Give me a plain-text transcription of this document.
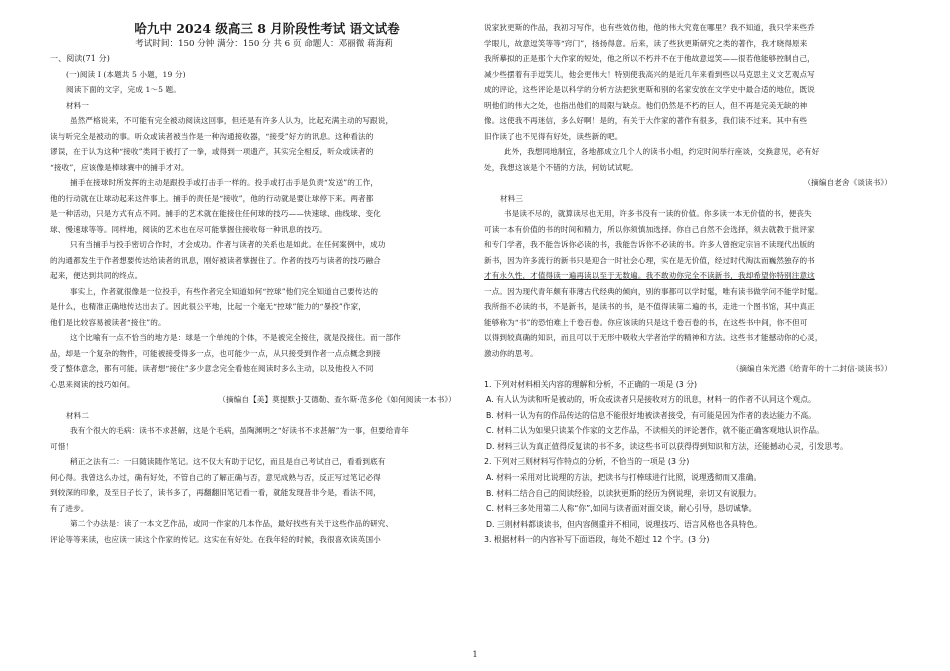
哈九中 2024 级高三 8 月阶段性考试 语文试卷
考试时间：150 分钟 满分：150 分 共 6 页 命题人：邓丽微 蒋海莉
一、阅读(71 分)
(一)阅读 I (本题共 5 小题，19 分)
阅读下面的文字，完成 1～5 题。
材料一
虽然严格说来，不可能有完全被动阅读这回事，但还是有许多人认为，比起充满主动的写跟说，
读与听完全是被动的事。听众或读者被当作是一种沟通接收器，“接受”好方的讯息。这种看法的
谬误，在于认为这种“接收”类同于被打了一拳，或得到一项遗产，其实完全相反，听众或读者的
“接收”，应该像是棒球赛中的捕手才对。
捕手在接球时所发挥的主动是跟投手或打击手一样的。投手或打击手是负责“发送”的工作，
他的行动就在让球动起来这件事上。捕手的责任是“接收”，他的行动就是要让球停下来。两者都
是一种活动，只是方式有点不同。捕手的艺术就在能接住任何球的技巧——快速球、曲线球、变化
球、慢速球等等。同样地，阅读的艺术也在尽可能掌握住接收每一种讯息的技巧。
只有当捕手与投手密切合作时，才会成功。作者与读者的关系也是如此。在任何案例中，成功
的沟通都发生于作者想要传达给读者的讯息，刚好被读者掌握住了。作者的技巧与读者的技巧融合
起来，便达到共同的终点。
事实上，作者就很像是一位投手，有些作者完全知道如何“控球”他们完全知道自己要传达的
是什么，也精准正确地传达出去了。因此很公平地，比起一个毫无“控球”能力的“暴投”作家，
他们是比较容易被读者“接住”的。
这个比喻有一点不恰当的地方是：球是一个单纯的个体，不是被完全接住，就是没接住。而一部作
品，却是一个复杂的物件，可能被接受得多一点，也可能少一点，从只接受到作者一点点概念到接
受了整体意念，都有可能。读者想“接住”多少意念完全看他在阅读时多么主动，以及他投入不同
心思来阅读的技巧如何。
（摘编自【美】莫提默·J·艾德勒、查尔斯·范多伦《如何阅读一本书》）
材料二
我有个很大的毛病：读书不求甚解，这是个毛病，虽陶渊明之“好读书不求甚解”为一事，但要给青年
可惜！
稍正之法有二：一曰随读随作笔记。这不仅大有助于记忆，而且是自己考试自己，看看到底有
何心得。我曾这么办过，确有好处，不管自己的了解正确与否，意见成熟与否，反正写过笔记必得
到较深的印象，及至日子长了，读书多了，再翻翻旧笔记看一看，就能发现昔非今是，看法不同，
有了进步。
第二个办法是：读了一本文艺作品，或同一作家的几本作品，最好找些有关于这些作品的研究、
评论等等来读，也应读一读这个作家的传记。这实在有好处。在我年轻的时候，我很喜欢读英国小
说家狄更斯的作品，我初习写作，也有些效仿他，他的伟大究竟在哪里？我不知道，我只学来些乔
学眼儿，故意逗笑等等“窍门”，扬扬得意。后来，读了些狄更斯研究之类的著作，我才晓得原来
我所摹拟的正是那个大作家的短处，他之所以不朽并不在于他故意逗笑——很若他能够控制自己，
减少些摆着有手逗笑儿，他会更伟大！特别使我高兴的是近几年来看到些以马克思主义文艺观点写
成的评论，这些评论是以科学的分析方法把狄更斯和别的名家安放在文学史中最合适的地位，既说
明他们的伟大之处，也指出他们的局限与缺点。他们仍然是不朽的巨人，但不再是完美无缺的神
像。这使我不再迷信，多么好啊！是的，有关于大作家的著作有很多，我们读不过来。其中有些
旧作读了也不见得有好处，读些新的吧。
此外，我想同地制宜，各地都成立几个人的读书小组，约定时间举行座谈，交换意见，必有好
处，我想这该是个不错的方法，何妨试试呢。
（摘编自老舍《谈读书》）
材料三
书是读不尽的，就算读尽也无用，许多书没有一读的价值。你多读一本无价值的书，便丧失
可读一本有价值的书的时间和精力，所以你须慎加选择。你自己自然不会选择，须去就教于批评家
和专门学者，我不能告诉你必读的书，我能告诉你不必读的书。许多人曾抱定宗旨不读现代出版的
新书，因为许多流行的新书只是迎合一时社会心理，实在是无价值，经过时代淘汰而巍然独存的书
才有永久性，才值得读一遍再读以至于无数遍。我不敢劝你完全不读新书，我却希望你特别注意这
一点。因为现代青年颇有菲薄古代经典的倾向，别的事都可以学时髦，唯有读书做学问不能学时髦。
我所指不必读的书，不是新书，是读书的书，是不值得读第二遍的书，走进一个图书馆，其中真正
能够称为“书”的恐怕难上千卷百卷。你应该读的只是这千卷百卷的书，在这些书中间，你不但可
以得到较真确的知识，而且可以于无形中吸收大学者治学的精神和方法。这些书才能撼动你的心灵，
激动你的思考。
（摘编自朱光潜《给青年的十二封信·谈读书》）
1. 下列对材料相关内容的理解和分析，不正确的一项是 (3 分)
A. 有人认为读和听是被动的，听众或读者只是接收对方的讯息，材料一的作者不认同这个观点。
B. 材料一认为有的作品传达的信息不能很好地被读者接受，有可能是因为作者的表达能力不高。
C. 材料二认为如果只读某个作家的文艺作品，不读相关的评论著作，就不能正确客观地认识作品。
D. 材料三认为真正值得反复读的书不多，读这些书可以获得得到知识和方法，还能撼动心灵，引发思考。
2. 下列对三则材料写作特点的分析，不恰当的一项是 (3 分)
A. 材料一采用对比说理的方法，把读书与打棒球进行比照，说理透彻而又准确。
B. 材料二结合自己的阅读经验，以读狄更斯的经历为例说理，亲切又有说服力。
C. 材料三多处用第二人称“你”,如同与读者面对面交谈，耐心引导，恳切诚挚。
D. 三则材料都谈读书，但内容侧重并不相同，说理技巧、语言风格也各具特色。
3. 根据材料一的内容补写下面语段，每处不超过 12 个字。(3 分)
1
